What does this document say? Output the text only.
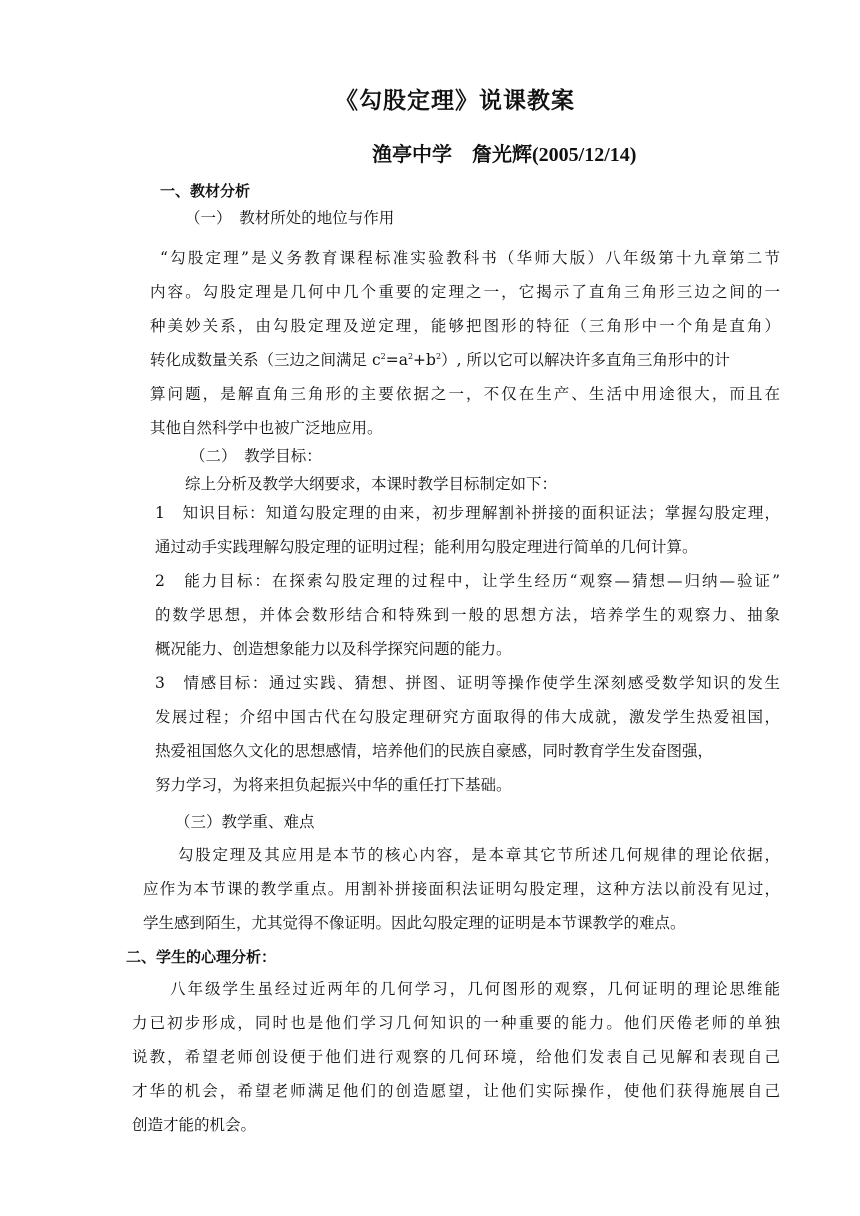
《勾股定理》说课教案
渔亭中学　詹光辉(2005/12/14)
一、教材分析
（一）　教材所处的地位与作用
“勾股定理”是义务教育课程标准实验教科书（华师大版）八年级第十九章第二节
内容。勾股定理是几何中几个重要的定理之一，它揭示了直角三角形三边之间的一
种美妙关系，由勾股定理及逆定理，能够把图形的特征（三角形中一个角是直角）
转化成数量关系（三边之间满足 $c^2=a^2+b^2$）, 所以它可以解决许多直角三角形中的计
算问题，是解直角三角形的主要依据之一，不仅在生产、生活中用途很大，而且在
其他自然科学中也被广泛地应用。
（二）　教学目标：
综上分析及教学大纲要求，本课时教学目标制定如下：
1　知识目标：知道勾股定理的由来，初步理解割补拼接的面积证法；掌握勾股定理，
通过动手实践理解勾股定理的证明过程；能利用勾股定理进行简单的几何计算。
2　能力目标：在探索勾股定理的过程中，让学生经历“观察—猜想—归纳—验证”
的数学思想，并体会数形结合和特殊到一般的思想方法，培养学生的观察力、抽象
概况能力、创造想象能力以及科学探究问题的能力。
3　情感目标：通过实践、猜想、拼图、证明等操作使学生深刻感受数学知识的发生
发展过程；介绍中国古代在勾股定理研究方面取得的伟大成就，激发学生热爱祖国，
热爱祖国悠久文化的思想感情，培养他们的民族自豪感，同时教育学生发奋图强，
努力学习，为将来担负起振兴中华的重任打下基础。
（三）教学重、难点
勾股定理及其应用是本节的核心内容，是本章其它节所述几何规律的理论依据，
应作为本节课的教学重点。用割补拼接面积法证明勾股定理，这种方法以前没有见过，
学生感到陌生，尤其觉得不像证明。因此勾股定理的证明是本节课教学的难点。
二、学生的心理分析：
八年级学生虽经过近两年的几何学习，几何图形的观察，几何证明的理论思维能
力已初步形成，同时也是他们学习几何知识的一种重要的能力。他们厌倦老师的单独
说教，希望老师创设便于他们进行观察的几何环境，给他们发表自己见解和表现自己
才华的机会，希望老师满足他们的创造愿望，让他们实际操作，使他们获得施展自己
创造才能的机会。
